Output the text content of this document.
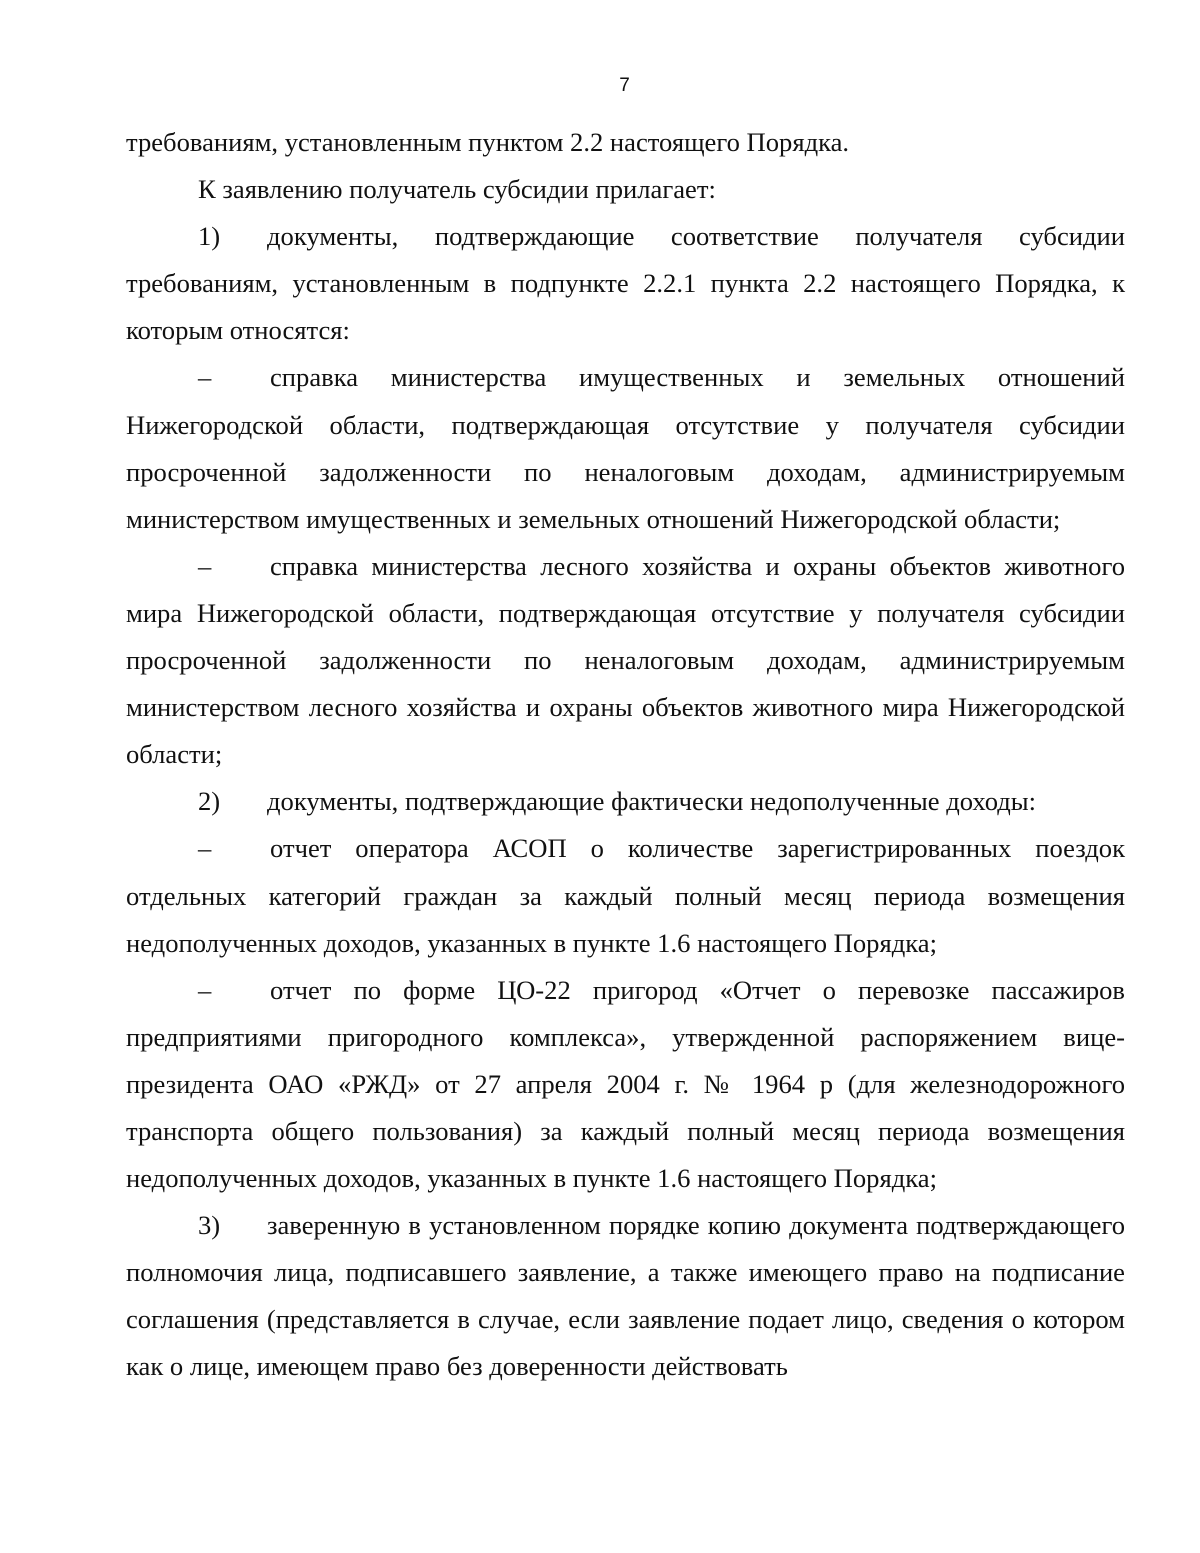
7

требованиям, установленным пунктом 2.2 настоящего Порядка.

К заявлению получатель субсидии прилагает:

1) документы, подтверждающие соответствие получателя субсидии требованиям, установленным в подпункте 2.2.1 пункта 2.2 настоящего Порядка, к которым относятся:

– справка министерства имущественных и земельных отношений Нижегородской области, подтверждающая отсутствие у получателя субсидии просроченной задолженности по неналоговым доходам, администрируемым министерством имущественных и земельных отношений Нижегородской области;

– справка министерства лесного хозяйства и охраны объектов животного мира Нижегородской области, подтверждающая отсутствие у получателя субсидии просроченной задолженности по неналоговым доходам, администрируемым министерством лесного хозяйства и охраны объектов животного мира Нижегородской области;

2) документы, подтверждающие фактически недополученные доходы:

– отчет оператора АСОП о количестве зарегистрированных поездок отдельных категорий граждан за каждый полный месяц периода возмещения недополученных доходов, указанных в пункте 1.6 настоящего Порядка;

– отчет по форме ЦО-22 пригород «Отчет о перевозке пассажиров предприятиями пригородного комплекса», утвержденной распоряжением вице-президента ОАО «РЖД» от 27 апреля 2004 г. № 1964 р (для железнодорожного транспорта общего пользования) за каждый полный месяц периода возмещения недополученных доходов, указанных в пункте 1.6 настоящего Порядка;

3) заверенную в установленном порядке копию документа подтверждающего полномочия лица, подписавшего заявление, а также имеющего право на подписание соглашения (представляется в случае, если заявление подает лицо, сведения о котором как о лице, имеющем право без доверенности действовать
